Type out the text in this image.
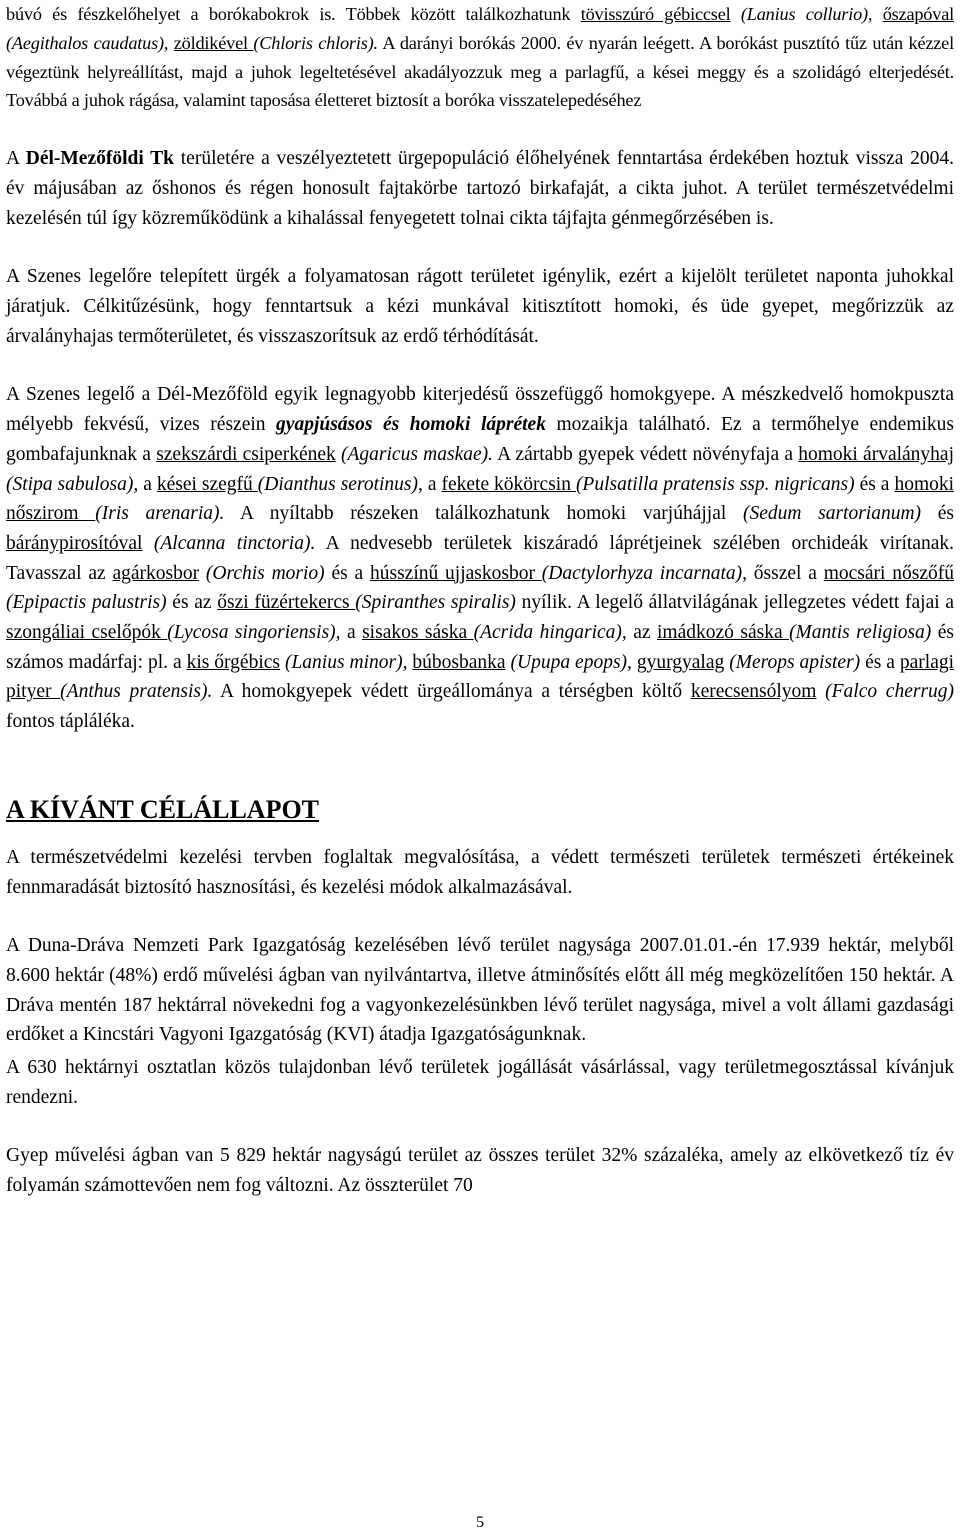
búvó és fészkelőhelyet a borókabokrok is. Többek között találkozhatunk tövisszúró gébiccsel (Lanius collurio), őszapóval (Aegithalos caudatus), zöldikével (Chloris chloris). A darányi borókás 2000. év nyarán leégett. A borókást pusztító tűz után kézzel végeztünk helyreállítást, majd a juhok legeltetésével akadályozzuk meg a parlagfű, a kései meggy és a szolidágó elterjedését. Továbbá a juhok rágása, valamint taposása életteret biztosít a boróka visszatelepedéséhez

A Dél-Mezőföldi Tk területére a veszélyeztetett ürgepopuláció élőhelyének fenntartása érdekében hoztuk vissza 2004. év májusában az őshonos és régen honosult fajtakörbe tartozó birkafaját, a cikta juhot. A terület természetvédelmi kezelésén túl így közreműködünk a kihalással fenyegetett tolnai cikta tájfajta génmegőrzésében is.

A Szenes legelőre telepített ürgék a folyamatosan rágott területet igénylik, ezért a kijelölt területet naponta juhokkal járatjuk. Célkitűzésünk, hogy fenntartsuk a kézi munkával kitisztított homoki, és üde gyepet, megőrizzük az árvalányhajas termőterületet, és visszaszorítsuk az erdő térhódítását.

A Szenes legelő a Dél-Mezőföld egyik legnagyobb kiterjedésű összefüggő homokgyepe. A mészkedvelő homokpuszta mélyebb fekvésű, vizes részein gyapjúsásos és homoki láprétek mozaikja található. Ez a termőhelye endemikus gombafajunknak a szekszárdi csiperkének (Agaricus maskae). A zártabb gyepek védett növényfaja a homoki árvalányhaj (Stipa sabulosa), a kései szegfű (Dianthus serotinus), a fekete kökörcsin (Pulsatilla pratensis ssp. nigricans) és a homoki nőszirom (Iris arenaria). A nyíltabb részeken találkozhatunk homoki varjúhájjal (Sedum sartorianum) és báránypirosítóval (Alcanna tinctoria). A nedvesebb területek kiszáradó láprétjeinek szélében orchideák virítanak. Tavasszal az agárkosbor (Orchis morio) és a hússzínű ujjaskosbor (Dactylorhyza incarnata), ősszel a mocsári nőszőfű (Epipactis palustris) és az őszi füzértekercs (Spiranthes spiralis) nyílik. A legelő állatvilágának jellegzetes védett fajai a szongáliai cselőpók (Lycosa singoriensis), a sisakos sáska (Acrida hingarica), az imádkozó sáska (Mantis religiosa) és számos madárfaj: pl. a kis őrgébics (Lanius minor), búbosbanka (Upupa epops), gyurgyalag (Merops apister) és a parlagi pityer (Anthus pratensis). A homokgyepek védett ürgeállománya a térségben költő kerecsensólyom (Falco cherrug) fontos tápláléka.

A KÍVÁNT CÉLÁLLAPOT

A természetvédelmi kezelési tervben foglaltak megvalósítása, a védett természeti területek természeti értékeinek fennmaradását biztosító hasznosítási, és kezelési módok alkalmazásával.

A Duna-Dráva Nemzeti Park Igazgatóság kezelésében lévő terület nagysága 2007.01.01.-én 17.939 hektár, melyből 8.600 hektár (48%) erdő művelési ágban van nyilvántartva, illetve átminősítés előtt áll még megközelítően 150 hektár. A Dráva mentén 187 hektárral növekedni fog a vagyonkezelésünkben lévő terület nagysága, mivel a volt állami gazdasági erdőket a Kincstári Vagyoni Igazgatóság (KVI) átadja Igazgatóságunknak.

A 630 hektárnyi osztatlan közös tulajdonban lévő területek jogállását vásárlással, vagy területmegosztással kívánjuk rendezni.

Gyep művelési ágban van 5 829 hektár nagyságú terület az összes terület 32% százaléka, amely az elkövetkező tíz év folyamán számottevően nem fog változni. Az összterület 70

5
